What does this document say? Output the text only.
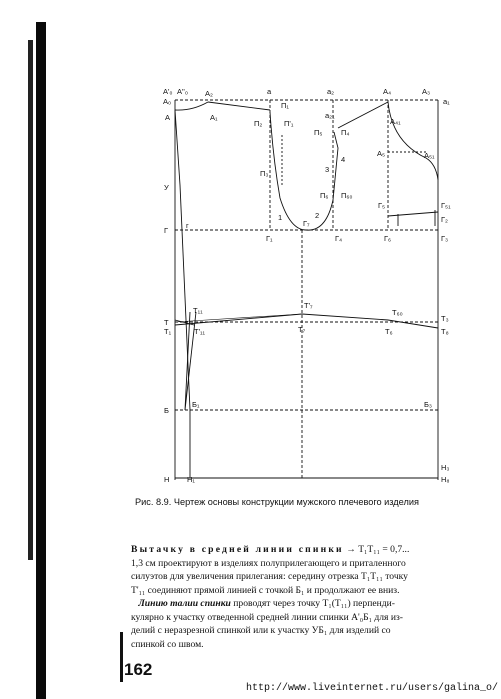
A'₀ A''₀
A₀
A	A₁
A₂	a
П₁
П'₁
П₂
a₂
a₂₁
П₅ П₄
A₄	A₃
a₁
A₄₁
A₅	A₅₁
П₃	3
4
П₆ П₆₀
2
1
У
Г₅	Г₅₁
Г₂
Г
г
Г₁
Г₇
Г₄	Г₆	Г₃
Т
Т₁
Т₁₁
Т'₁₁
Т'₇
Т₇
Т₆₀
Т₆
Т₃
Т₈
Б
Б₁	Б₃
Н Н₁
Н₃
Н₈
Рис. 8.9. Чертеж основы конструкции мужского плечевого изделия
Вытачку в средней линии спинки → Т₁Т₁₁ = 0,7...
1,3 см проектируют в изделиях полуприлегающего и приталенного
силуэтов для увеличения прилегания: середину отрезка Т₁Т₁₁ точку
Т'₁₁ соединяют прямой линией с точкой Б₁ и продолжают ее вниз.
Линию талии спинки проводят через точку Т₁(Т₁₁) перпенди-
кулярно к участку отведенной средней линии спинки А'₀Б₁ для из-
делий с неразрезной спинкой или к участку УБ₁ для изделий со
спинкой со швом.
162
http://www.liveinternet.ru/users/galina_o/
